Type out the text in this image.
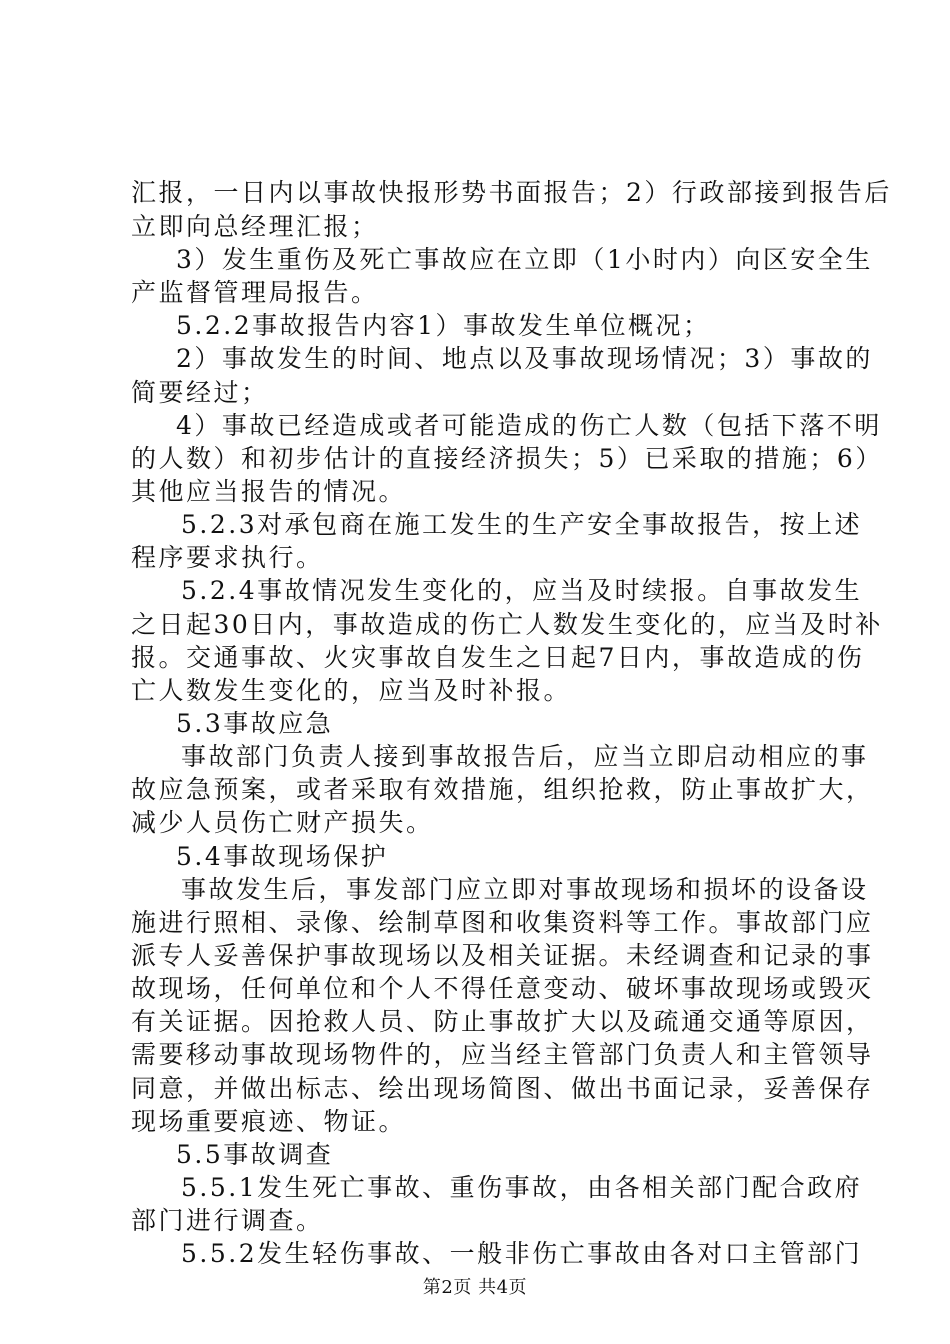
汇报，一日内以事故快报形势书面报告；2）行政部接到报告后
立即向总经理汇报；
3）发生重伤及死亡事故应在立即（1小时内）向区安全生
产监督管理局报告。
5.2.2事故报告内容1）事故发生单位概况；
2）事故发生的时间、地点以及事故现场情况；3）事故的
简要经过；
4）事故已经造成或者可能造成的伤亡人数（包括下落不明
的人数）和初步估计的直接经济损失；5）已采取的措施；6）
其他应当报告的情况。
5.2.3对承包商在施工发生的生产安全事故报告，按上述
程序要求执行。
5.2.4事故情况发生变化的，应当及时续报。自事故发生
之日起30日内，事故造成的伤亡人数发生变化的，应当及时补
报。交通事故、火灾事故自发生之日起7日内，事故造成的伤
亡人数发生变化的，应当及时补报。
5.3事故应急
事故部门负责人接到事故报告后，应当立即启动相应的事
故应急预案，或者采取有效措施，组织抢救，防止事故扩大，
减少人员伤亡财产损失。
5.4事故现场保护
事故发生后，事发部门应立即对事故现场和损坏的设备设
施进行照相、录像、绘制草图和收集资料等工作。事故部门应
派专人妥善保护事故现场以及相关证据。未经调查和记录的事
故现场，任何单位和个人不得任意变动、破坏事故现场或毁灭
有关证据。因抢救人员、防止事故扩大以及疏通交通等原因，
需要移动事故现场物件的，应当经主管部门负责人和主管领导
同意，并做出标志、绘出现场简图、做出书面记录，妥善保存
现场重要痕迹、物证。
5.5事故调查
5.5.1发生死亡事故、重伤事故，由各相关部门配合政府
部门进行调查。
第2页 共4页
5.5.2发生轻伤事故、一般非伤亡事故由各对口主管部门
